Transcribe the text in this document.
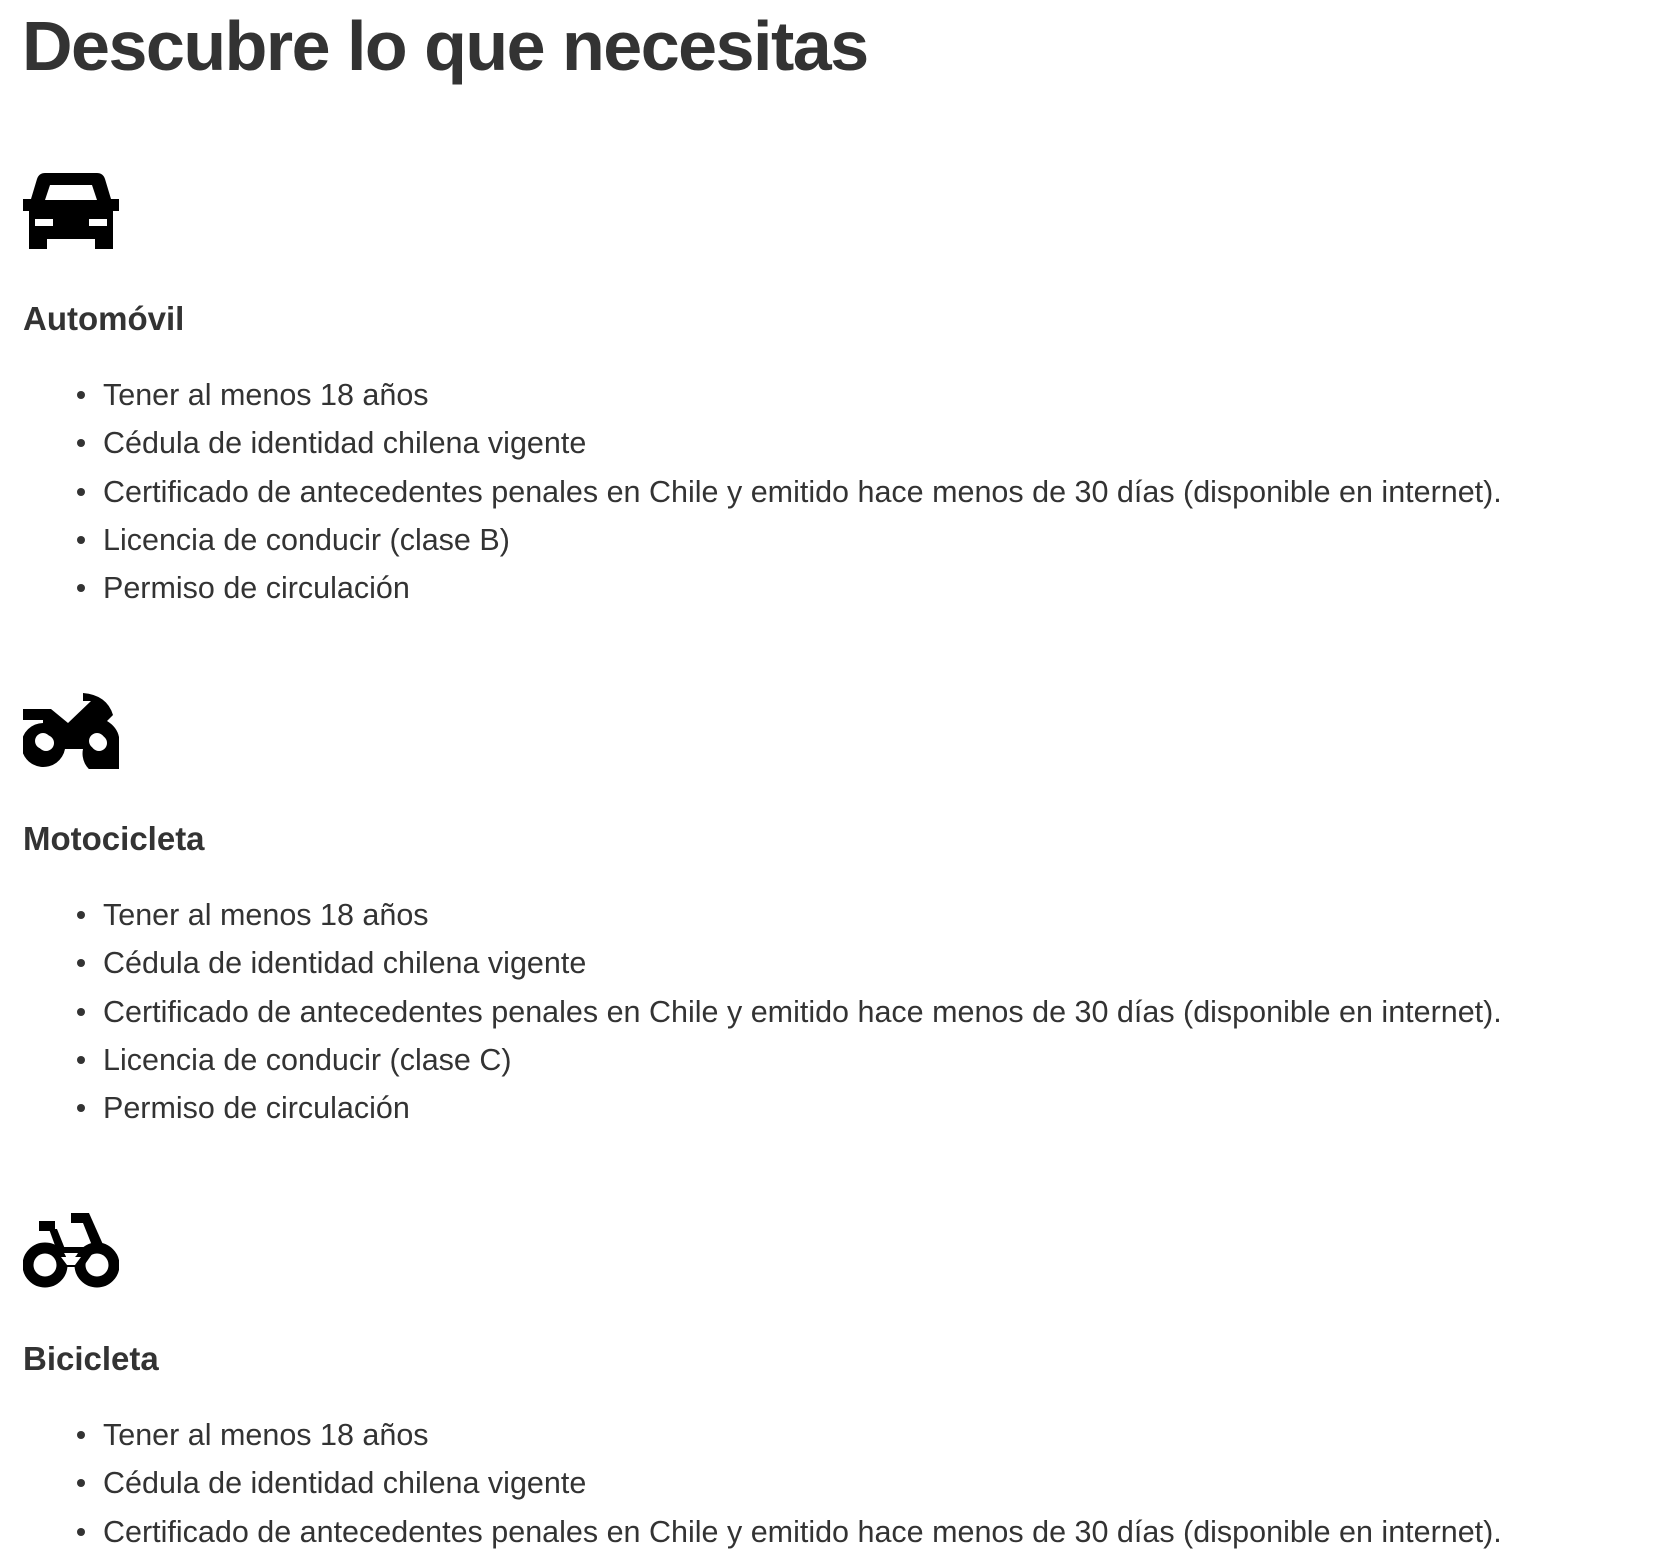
Descubre lo que necesitas
Automóvil
Tener al menos 18 años
Cédula de identidad chilena vigente
Certificado de antecedentes penales en Chile y emitido hace menos de 30 días (disponible en internet).
Licencia de conducir (clase B)
Permiso de circulación
Motocicleta
Tener al menos 18 años
Cédula de identidad chilena vigente
Certificado de antecedentes penales en Chile y emitido hace menos de 30 días (disponible en internet).
Licencia de conducir (clase C)
Permiso de circulación
Bicicleta
Tener al menos 18 años
Cédula de identidad chilena vigente
Certificado de antecedentes penales en Chile y emitido hace menos de 30 días (disponible en internet).
